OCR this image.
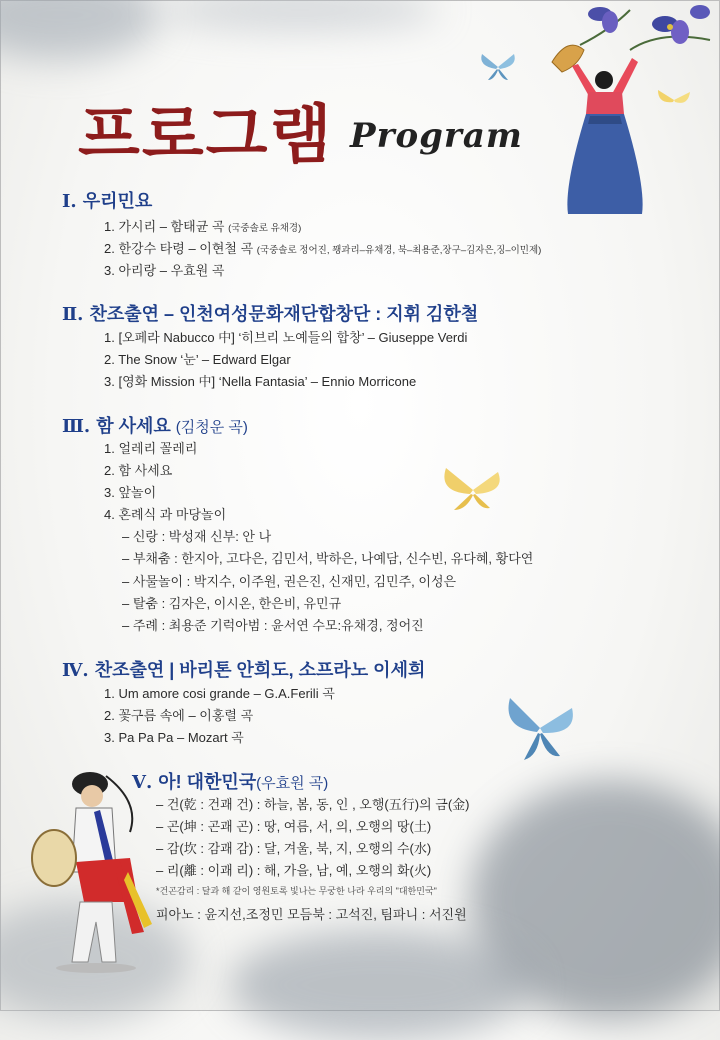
프로그램 Program
Ⅰ. 우리민요
1. 가시리 – 함태균 곡 (국중솔로 유채경)
2. 한강수 타령 – 이현철 곡 (국중솔로 정어진, 꽹과리–유채경, 북–최용준,장구–김자은,징–이민제)
3. 아리랑 – 우효원 곡
Ⅱ. 찬조출연 – 인천여성문화재단합창단 : 지휘 김한철
1. [오페라 Nabucco 中] ‘히브리 노예들의 합창’ – Giuseppe Verdi
2. The Snow ‘눈’ – Edward Elgar
3. [영화 Mission 中] ‘Nella Fantasia’ – Ennio Morricone
Ⅲ. 함 사세요 (김청운 곡)
1. 얼레리 꼴레리
2. 함 사세요
3. 앞놀이
4. 혼례식 과 마당놀이
– 신랑 : 박성재 신부: 안 나
– 부채춤 : 한지아, 고다은, 김민서, 박하은, 나예담, 신수빈, 유다혜, 황다연
– 사물놀이 : 박지수, 이주원, 권은진, 신재민, 김민주, 이성은
– 탈춤 : 김자은, 이시온, 한은비, 유민규
– 주례 : 최용준 기럭아범 : 윤서연 수모:유채경, 정어진
Ⅳ. 찬조출연 | 바리톤 안희도, 소프라노 이세희
1. Um amore cosi grande – G.A.Ferili 곡
2. 꽃구름 속에 – 이홍렬 곡
3. Pa Pa Pa – Mozart 곡
Ⅴ. 아! 대한민국(우효원 곡)
– 건(乾 : 건괘 건) : 하늘, 봄, 동, 인 , 오행(五行)의 금(金)
– 곤(坤 : 곤괘 곤) : 땅, 여름, 서, 의, 오행의 땅(土)
– 감(坎 : 감괘 감) : 달, 겨울, 북, 지, 오행의 수(水)
– 리(離 : 이괘 리) : 해, 가을, 남, 예, 오행의 화(火)
*건곤감리 : 달과 해 같이 영원토록 빛나는 무궁한 나라 우리의 "대한민국"
피아노 : 윤지선,조정민 모듬북 : 고석진, 팀파니 : 서진원
